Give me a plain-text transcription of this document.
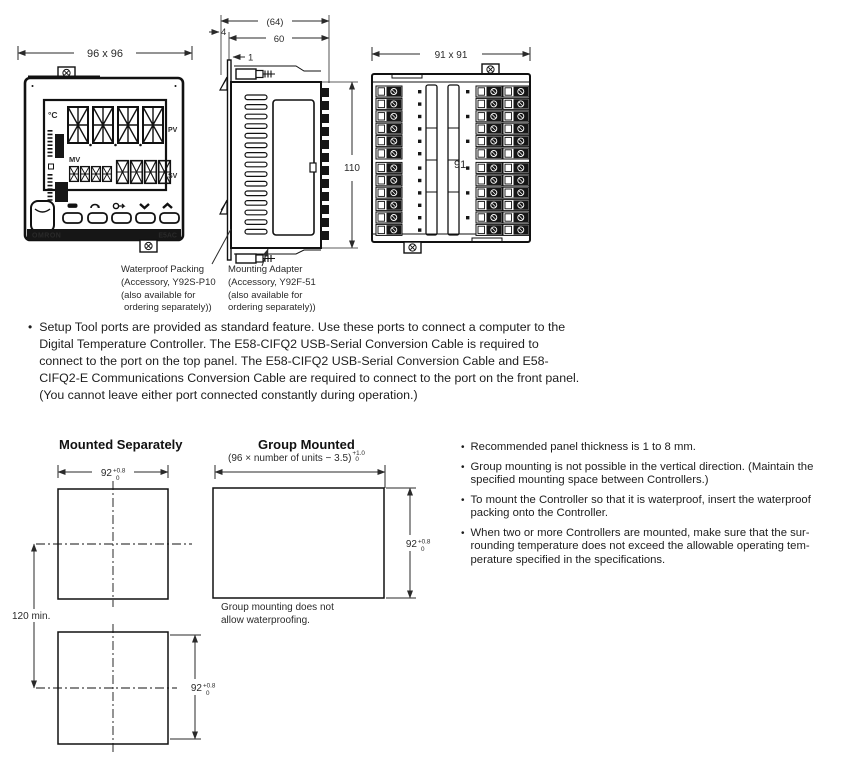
96 x 96
°C
PV
MV
SV
OMRON	E5AC
(64)
60
4
1
110
91 x 91
91
Waterproof Packing
(Accessory, Y92S-P10
(also available for
ordering separately))
Mounting Adapter
(Accessory, Y92F-51
(also available for
ordering separately))
• Setup Tool ports are provided as standard feature. Use these ports to connect a computer to the
Digital Temperature Controller. The E58-CIFQ2 USB-Serial Conversion Cable is required to
connect to the port on the top panel. The E58-CIFQ2 USB-Serial Conversion Cable and E58-
CIFQ2-E Communications Conversion Cable are required to connect to the port on the front panel.
(You cannot leave either port connected constantly during operation.)
Mounted Separately	Group Mounted
(96 × number of units − 3.5) +1.0
0
92 +0.8
0
120 min.
92 +0.8
0
92 +0.8
0
Group mounting does not
allow waterproofing.
• Recommended panel thickness is 1 to 8 mm.
• Group mounting is not possible in the vertical direction. (Maintain the
specified mounting space between Controllers.)
• To mount the Controller so that it is waterproof, insert the waterproof
packing onto the Controller.
• When two or more Controllers are mounted, make sure that the sur-
rounding temperature does not exceed the allowable operating tem-
perature specified in the specifications.
